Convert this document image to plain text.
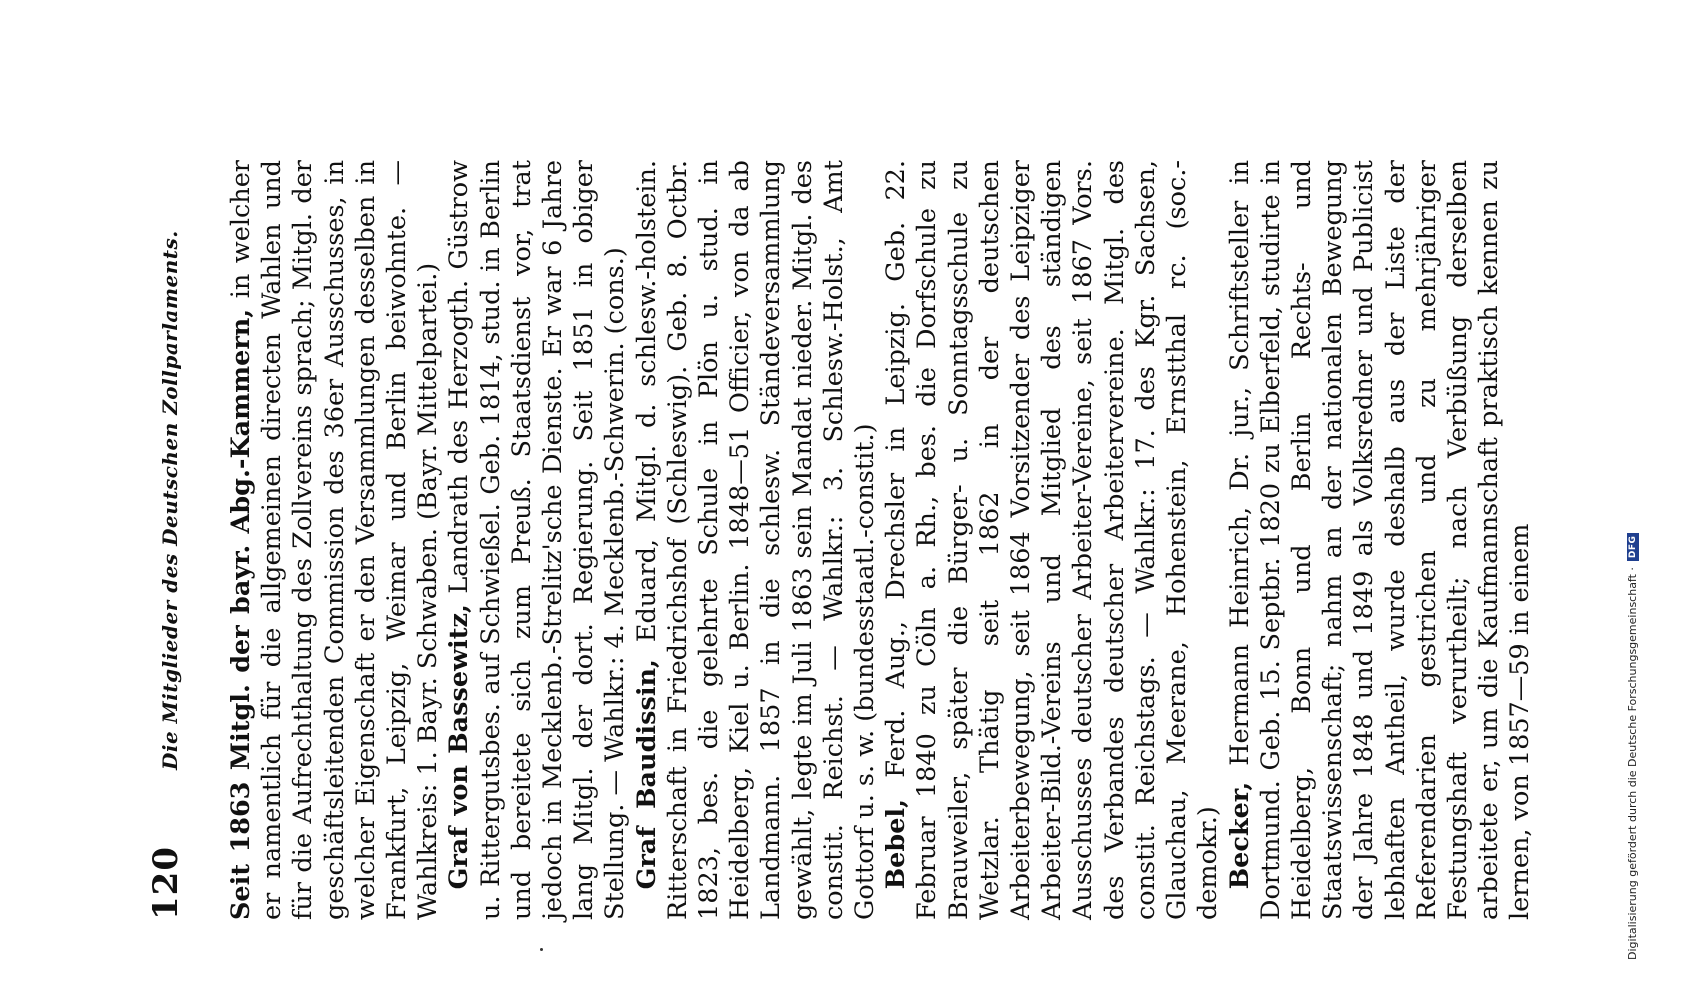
120
Die Mitglieder des Deutschen Zollparlaments. Seit 1863 Mitgl. der bayr. Abg.-Kammern, in welcher er namentlich für die allgemeinen directen Wahlen und für die Aufrechthaltung des Zollvereins sprach; Mitgl. der geschäftsleitenden Commission des 36er Ausschusses, in welcher Eigenschaft er den Versammlungen desselben in Frankfurt, Leipzig, Weimar und Berlin beiwohnte. — Wahlkreis: 1. Bayr. Schwaben. (Bayr. Mittelpartei.) Graf von Bassewitz, Landrath des Herzogth. Güstrow u. Rittergutsbes. auf Schwießel. Geb. 1814, stud. in Berlin und bereitete sich zum Preuß. Staatsdienst vor, trat jedoch in Mecklenb.-Strelitz'sche Dienste. Er war 6 Jahre lang Mitgl. der dort. Regierung. Seit 1851 in obiger Stellung. — Wahlkr.: 4. Mecklenb.-Schwerin. (cons.) Graf Baudissin, Eduard, Mitgl. d. schlesw.-holstein. Ritterschaft in Friedrichshof (Schleswig). Geb. 8. Octbr. 1823, bes. die gelehrte Schule in Plön u. stud. in Heidelberg, Kiel u. Berlin. 1848—51 Officier, von da ab Landmann. 1857 in die schlesw. Ständeversammlung gewählt, legte im Juli 1863 sein Mandat nieder. Mitgl. des constit. Reichst. — Wahlkr.: 3. Schlesw.-Holst., Amt Gottorf u. s. w. (bundesstaatl.-constit.) Bebel, Ferd. Aug., Drechsler in Leipzig. Geb. 22. Februar 1840 zu Cöln a. Rh., bes. die Dorfschule zu Brauweiler, später die Bürger- u. Sonntagsschule zu Wetzlar. Thätig seit 1862 in der deutschen Arbeiterbewegung, seit 1864 Vorsitzender des Leipziger Arbeiter-Bild.-Vereins und Mitglied des ständigen Ausschusses deutscher Arbeiter-Vereine, seit 1867 Vors. des Verbandes deutscher Arbeitervereine. Mitgl. des constit. Reichstags. — Wahlkr.: 17. des Kgr. Sachsen, Glauchau, Meerane, Hohenstein, Ernstthal rc. (soc.-demokr.) Becker, Hermann Heinrich, Dr. jur., Schriftsteller in Dortmund. Geb. 15. Septbr. 1820 zu Elberfeld, studirte in Heidelberg, Bonn und Berlin Rechts- und Staatswissenschaft; nahm an der nationalen Bewegung der Jahre 1848 und 1849 als Volksredner und Publicist lebhaften Antheil, wurde deshalb aus der Liste der Referendarien gestrichen und zu mehrjähriger Festungshaft verurtheilt; nach Verbüßung derselben arbeitete er, um die Kaufmannschaft praktisch kennen zu lernen, von 1857—59 in einem	Digitalisierung gefördert durch die Deutsche Forschungsgemeinschaft ·
DFG
